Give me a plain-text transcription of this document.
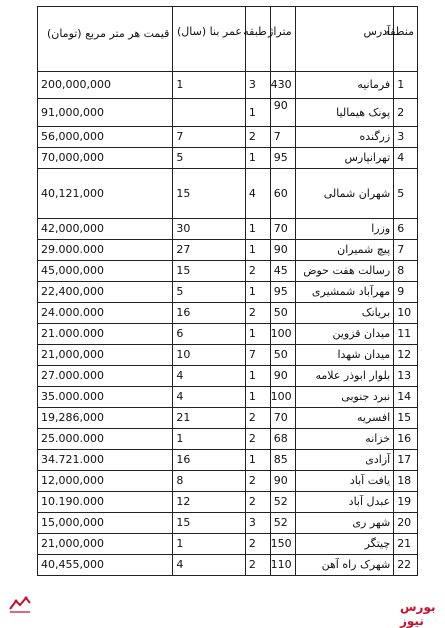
منطقه	آدرس	متراژ	طبقه	عمر بنا (سال)	قیمت هر متر مربع (تومان)
1	فرمانیه	430	3	1	200,000,000
2	پونک هیمالیا	90	1		91,000,000
3	زرگنده	7	2	7	56,000,000
4	تهرانپارس	95	1	5	70,000,000
5	شهران شمالی	60	4	15	40,121,000
6	وزرا	70	1	30	42,000,000
7	پیچ شمیران	90	1	27	29.000.000
8	رسالت هفت حوض	45	2	15	45,000,000
9	مهرآباد شمشیری	95	1	5	22,400,000
10	بریانک	50	2	16	24.000.000
11	میدان قزوین	100	1	6	21.000.000
12	میدان شهدا	50	7	10	21,000,000
13	بلوار ابوذر علامه	90	1	4	27.000.000
14	نبرد جنوبی	100	1	4	35.000.000
15	افسریه	70	2	21	19,286,000
16	خزانه	68	2	1	25.000.000
17	آزادی	85	1	16	34.721.000
18	یافت آباد	90	2	8	12,000,000
19	عبدل آباد	52	2	12	10.190.000
20	شهر ری	52	3	15	15,000,000
21	چیتگر	150	2	1	21,000,000
22	شهرک راه آهن	110	2	4	40,455,000
بورس نیوز
